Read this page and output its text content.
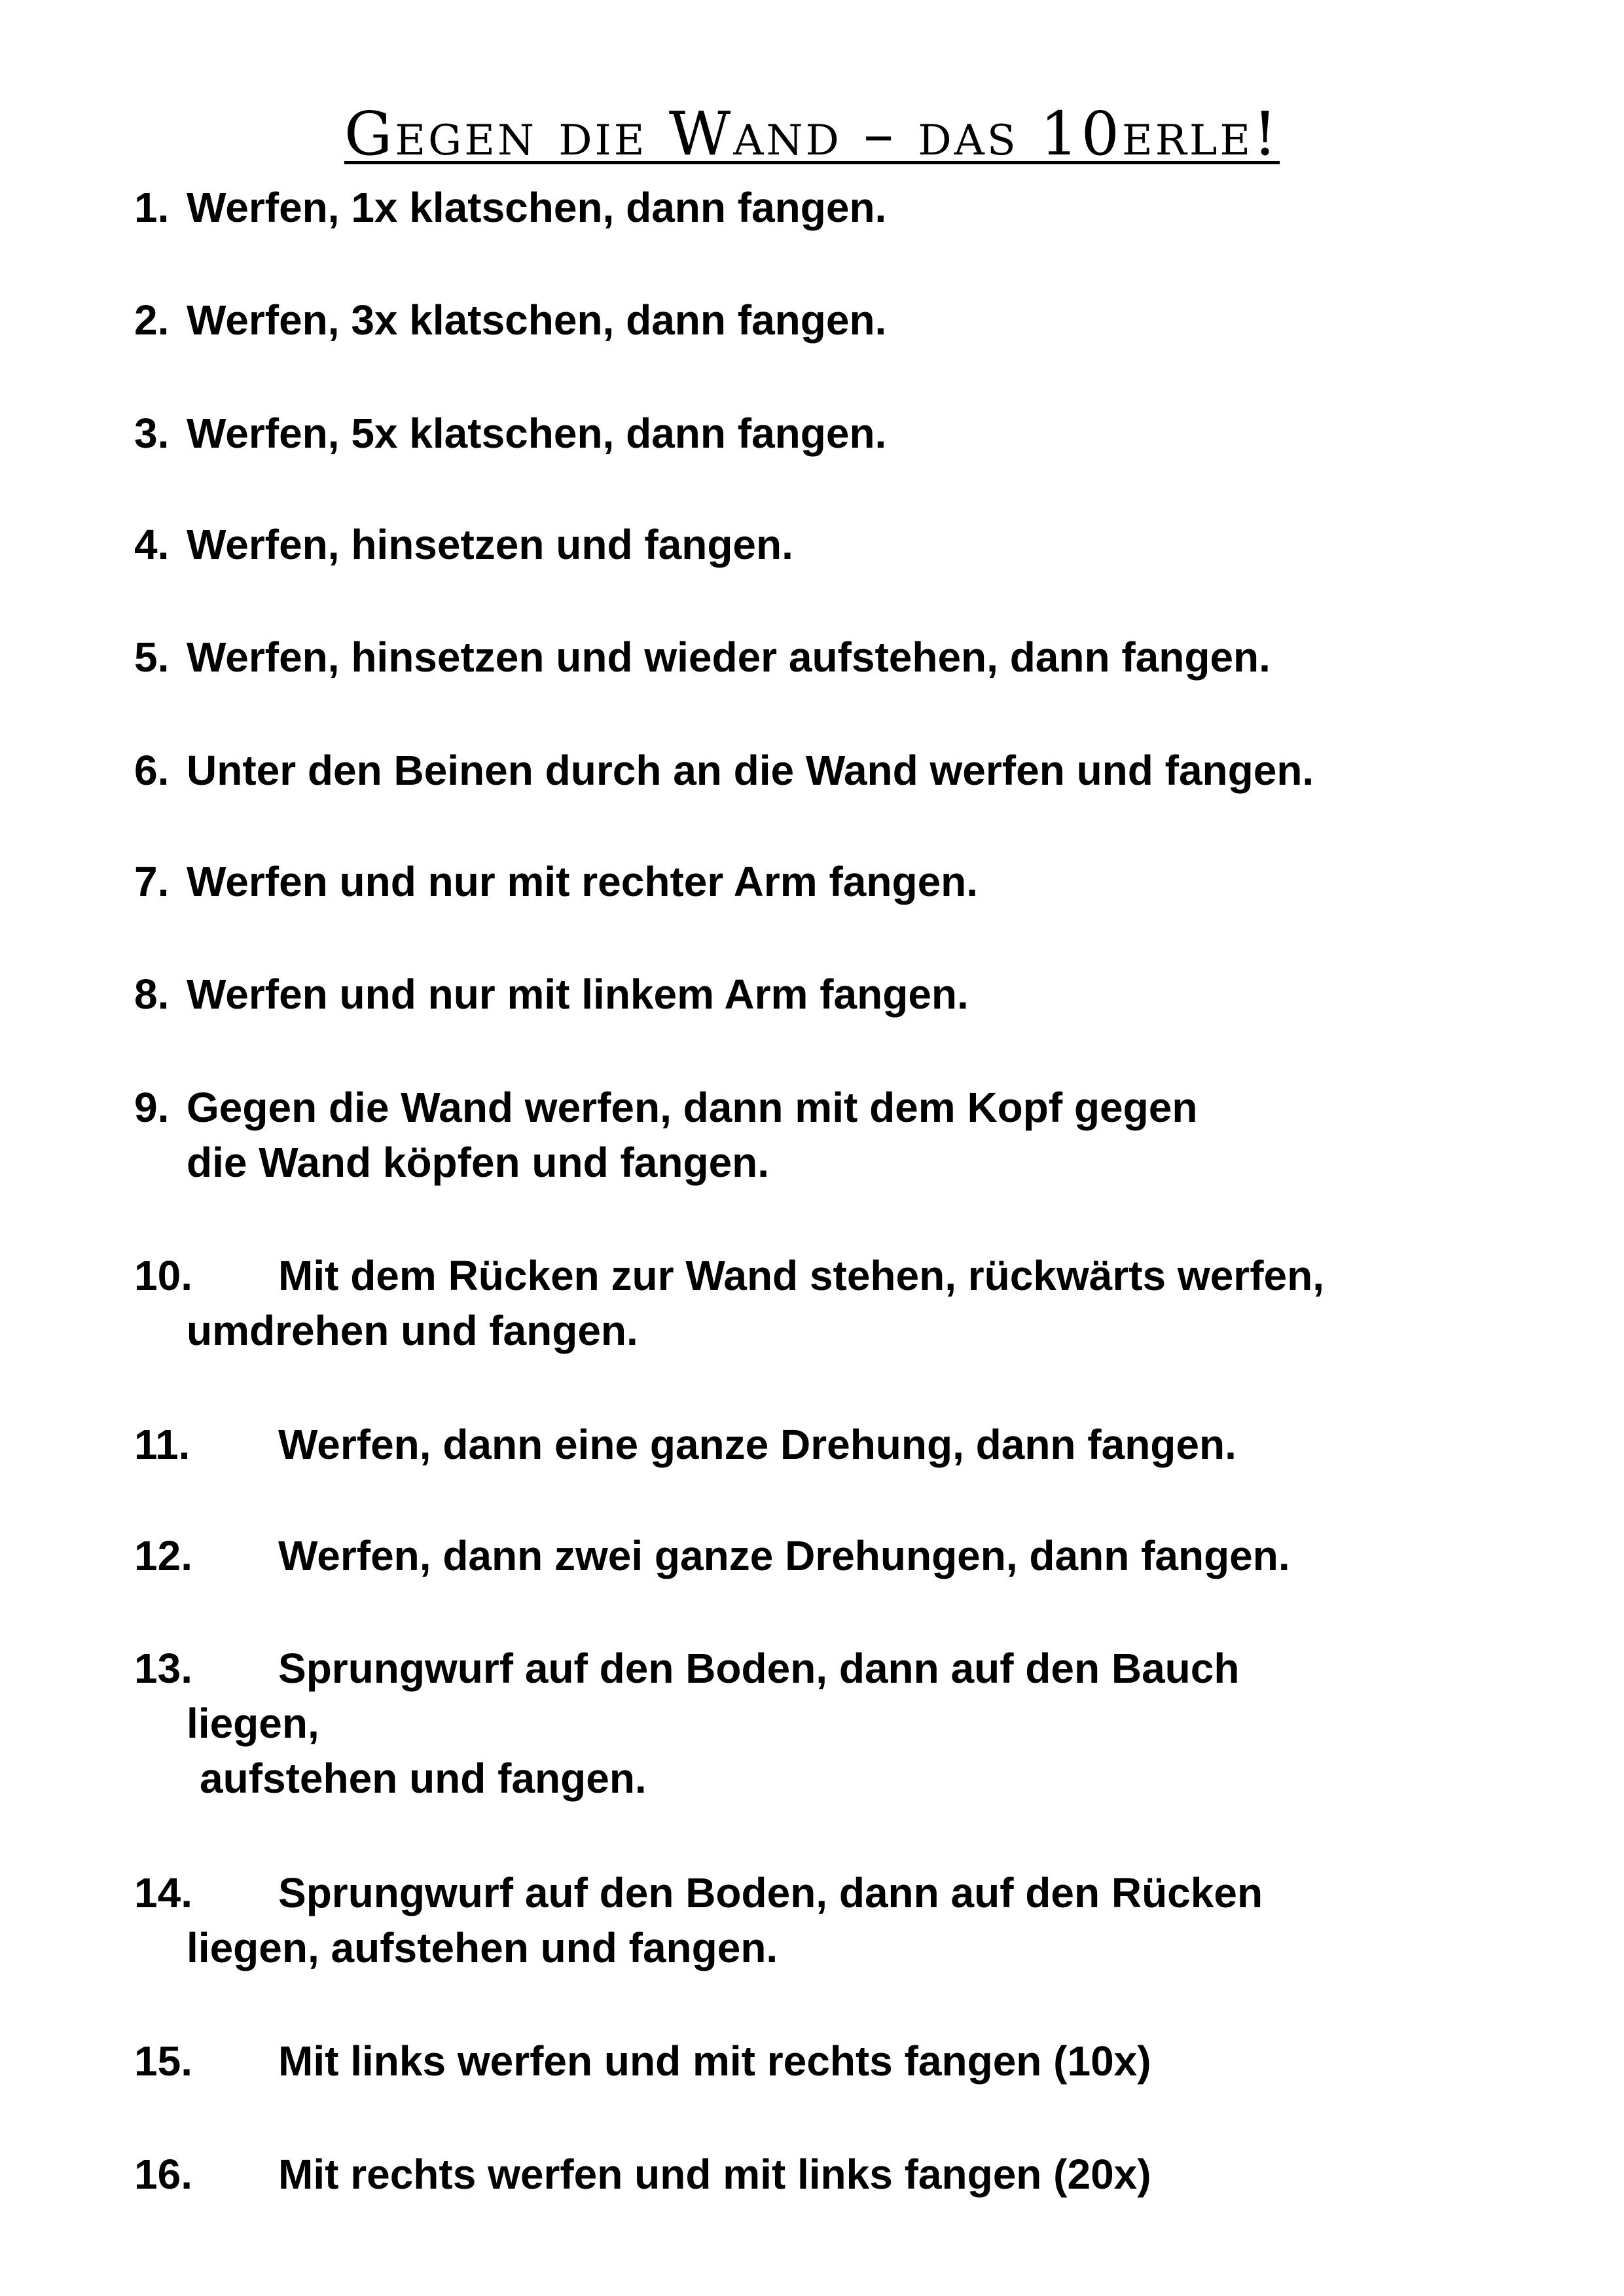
Gegen die Wand – das 10erle!
1. Werfen, 1x klatschen, dann fangen.
2. Werfen, 3x klatschen, dann fangen.
3. Werfen, 5x klatschen, dann fangen.
4. Werfen, hinsetzen und fangen.
5. Werfen, hinsetzen und wieder aufstehen, dann fangen.
6. Unter den Beinen durch an die Wand werfen und fangen.
7. Werfen und nur mit rechter Arm fangen.
8. Werfen und nur mit linkem Arm fangen.
9. Gegen die Wand werfen, dann mit dem Kopf gegen
die Wand köpfen und fangen.
10. Mit dem Rücken zur Wand stehen, rückwärts werfen,
umdrehen und fangen.
11. Werfen, dann eine ganze Drehung, dann fangen.
12. Werfen, dann zwei ganze Drehungen, dann fangen.
13. Sprungwurf auf den Boden, dann auf den Bauch
liegen,
aufstehen und fangen.
14. Sprungwurf auf den Boden, dann auf den Rücken
liegen, aufstehen und fangen.
15. Mit links werfen und mit rechts fangen (10x)
16. Mit rechts werfen und mit links fangen (20x)
